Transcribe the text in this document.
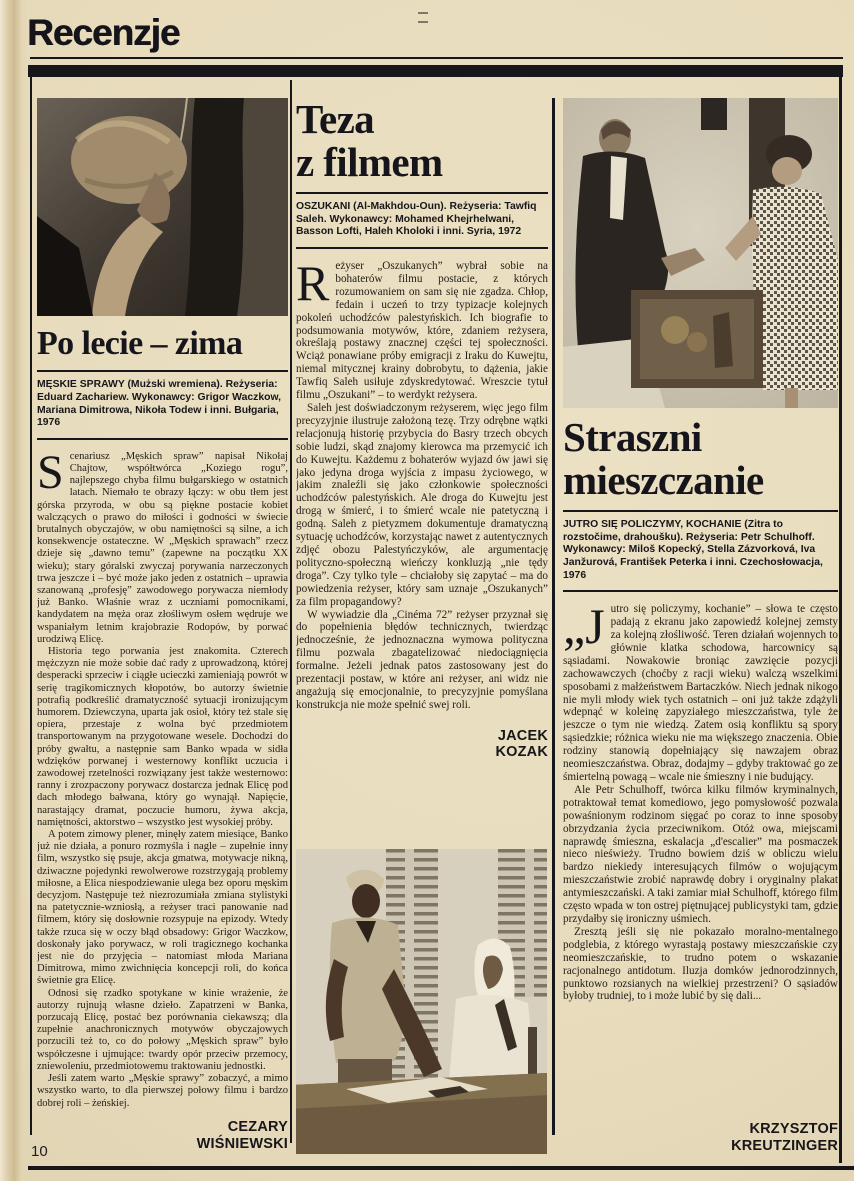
Recenzje
Po lecie – zima

MĘSKIE SPRAWY (Mużski wremiena). Reżyseria: Eduard Zachariew. Wykonawcy: Grigor Waczkow, Mariana Dimitrowa, Nikoła Todew i inni. Bułgaria, 1976

Scenariusz „Męskich spraw” napisał Nikołaj Chajtow, współtwórca „Koziego rogu”, najlepszego chyba filmu bułgarskiego w ostatnich latach. Niemało te obrazy łączy: w obu tłem jest górska przyroda, w obu są piękne postacie kobiet walczących o prawo do miłości i godności w świecie brutalnych obyczajów, w obu namiętności są silne, a ich konsekwencje ostateczne. W „Męskich sprawach” rzecz dzieje się „dawno temu” (zapewne na początku XX wieku); stary góralski zwyczaj porywania narzeczonych trwa jeszcze i – być może jako jeden z ostatnich – uprawia szanowaną „profesję” zawodowego porywacza niemłody już Banko. Właśnie wraz z uczniami pomocnikami, kandydatem na męża oraz złośliwym osłem wędruje we wspaniałym letnim krajobrazie Rodopów, by porwać urodziwą Elicę.

Historia tego porwania jest znakomita. Czterech mężczyzn nie może sobie dać rady z uprowadzoną, której desperacki sprzeciw i ciągłe ucieczki zamieniają powrót w serię tragikomicznych kłopotów, bo autorzy świetnie potrafią podkreślić dramatyczność sytuacji ironizującym humorem. Dziewczyna, uparta jak osioł, który też stale się opiera, przestaje z wolna być przedmiotem transportowanym na przygotowane wesele. Dochodzi do próby gwałtu, a następnie sam Banko wpada w sidła wdzięków porwanej i westernowy konflikt uczucia i zawodowej rzetelności rozwiązany jest także westernowo: ranny i zrozpaczony porywacz dostarcza jednak Elicę pod dach młodego bałwana, który go wynajął. Napięcie, narastający dramat, poczucie humoru, żywa akcja, namiętności, aktorstwo – wszystko jest wysokiej próby.

A potem zimowy plener, minęły zatem miesiące, Banko już nie działa, a ponuro rozmyśla i nagle – zupełnie inny film, wszystko się psuje, akcja gmatwa, motywacje nikną, dziwaczne pojedynki rewolwerowe rozstrzygają problemy miłosne, a Elica niespodziewanie ulega bez oporu męskim decyzjom. Następuje też niezrozumiała zmiana stylistyki na patetycznie-wzniosłą, a reżyser traci panowanie nad filmem, który się dosłownie rozsypuje na epizody. Wtedy także rzuca się w oczy błąd obsadowy: Grigor Waczkow, doskonały jako porywacz, w roli tragicznego kochanka jest nie do przyjęcia – natomiast młoda Mariana Dimitrowa, mimo zwichnięcia koncepcji roli, do końca świetnie gra Elicę.

Odnosi się rzadko spotykane w kinie wrażenie, że autorzy rujnują własne dzieło. Zapatrzeni w Banka, porzucają Elicę, postać bez porównania ciekawszą; dla zupełnie anachronicznych motywów obyczajowych porzucili też to, co do połowy „Męskich spraw” było współczesne i ujmujące: twardy opór przeciw przemocy, zniewoleniu, przedmiotowemu traktowaniu jednostki.

Jeśli zatem warto „Męskie sprawy” zobaczyć, a mimo wszystko warto, to dla pierwszej połowy filmu i bardzo dobrej roli – żeńskiej.

CEZARY WIŚNIEWSKI
Teza
z filmem

OSZUKANI (Al-Makhdou-Oun). Reżyseria: Tawfiq Saleh. Wykonawcy: Mohamed Khejrhelwani, Basson Lofti, Haleh Kholoki i inni. Syria, 1972

Reżyser „Oszukanych” wybrał sobie na bohaterów filmu postacie, z których rozumowaniem on sam się nie zgadza. Chłop, fedain i uczeń to trzy typizacje kolejnych pokoleń uchodźców palestyńskich. Ich biografie to podsumowania motywów, które, zdaniem reżysera, określają postawy znacznej części tej społeczności. Wciąż ponawiane próby emigracji z Iraku do Kuwejtu, niemal mitycznej krainy dobrobytu, to dążenia, jakie Tawfiq Saleh usiłuje zdyskredytować. Wreszcie tytuł filmu „Oszukani” – to werdykt reżysera.

Saleh jest doświadczonym reżyserem, więc jego film precyzyjnie ilustruje założoną tezę. Trzy odrębne wątki relacjonują historię przybycia do Basry trzech obcych sobie ludzi, skąd znajomy kierowca ma przemycić ich do Kuwejtu. Każdemu z bohaterów wyjazd ów jawi się jako jedyna droga wyjścia z impasu życiowego, w jakim znaleźli się jako członkowie społeczności uchodźców palestyńskich. Ale droga do Kuwejtu jest drogą w śmierć, i to śmierć wcale nie patetyczną i godną. Saleh z pietyzmem dokumentuje dramatyczną sytuację uchodźców, korzystając nawet z autentycznych zdjęć obozu Palestyńczyków, ale argumentację polityczno-społeczną wieńczy konkluzją „nie tędy droga”. Czy tylko tyle – chciałoby się zapytać – ma do powiedzenia reżyser, który sam uznaje „Oszukanych” za film propagandowy?

W wywiadzie dla „Cinéma 72” reżyser przyznał się do popełnienia błędów technicznych, twierdząc jednocześnie, że jednoznaczna wymowa polityczna filmu pozwala zbagatelizować niedociągnięcia formalne. Jeżeli jednak patos zastosowany jest do prezentacji postaw, w które ani reżyser, ani widz nie angażują się emocjonalnie, to precyzyjnie pomyślana konstrukcja nie może spełnić swej roli.

JACEK KOZAK
Straszni
mieszczanie

JUTRO SIĘ POLICZYMY, KOCHANIE (Zitra to rozstočime, drahoušku). Reżyseria: Petr Schulhoff. Wykonawcy: Miloš Kopecký, Stella Zázvorková, Iva Janžurová, František Peterka i inni. Czechosłowacja, 1976

„Jutro się policzymy, kochanie” – słowa te często padają z ekranu jako zapowiedź kolejnej zemsty za kolejną złośliwość. Teren działań wojennych to głównie klatka schodowa, harcownicy są sąsiadami. Nowakowie broniąc zawzięcie pozycji zachowawczych (choćby z racji wieku) walczą wszelkimi sposobami z małżeństwem Bartaczków. Niech jednak nikogo nie myli młody wiek tych ostatnich – oni już także zdążyli wdepnąć w koleinę zapyziałego mieszczaństwa, tyle że jeszcze o tym nie wiedzą. Zatem osią konfliktu są spory sąsiedzkie; różnica wieku nie ma większego znaczenia. Obie rodziny stanowią dopełniający się nawzajem obraz neomieszczaństwa. Obraz, dodajmy – gdyby traktować go ze śmiertelną powagą – wcale nie śmieszny i nie budujący.

Ale Petr Schulhoff, twórca kilku filmów kryminalnych, potraktował temat komediowo, jego pomysłowość pozwala powaśnionym rodzinom sięgać po coraz to inne sposoby obrzydzania życia przeciwnikom. Otóż owa, miejscami naprawdę śmieszna, eskalacja „d'escalier” ma posmaczek nieco nieświeży. Trudno bowiem dziś w obliczu wielu bardzo niekiedy interesujących filmów o wojującym mieszczaństwie zrobić naprawdę dobry i oryginalny plakat antymieszczański. A taki zamiar miał Schulhoff, którego film często wpada w ton ostrej piętnującej publicystyki tam, gdzie przydałby się ironiczny uśmiech.

Zresztą jeśli się nie pokazało moralno-mentalnego podglebia, z którego wyrastają postawy mieszczańskie czy neomieszczańskie, to trudno potem o wskazanie racjonalnego antidotum. Iluzja domków jednorodzinnych, punktowo rozsianych na wielkiej przestrzeni? O sąsiadów byłoby trudniej, to i może lubić by się dali...

KRZYSZTOF KREUTZINGER
10
